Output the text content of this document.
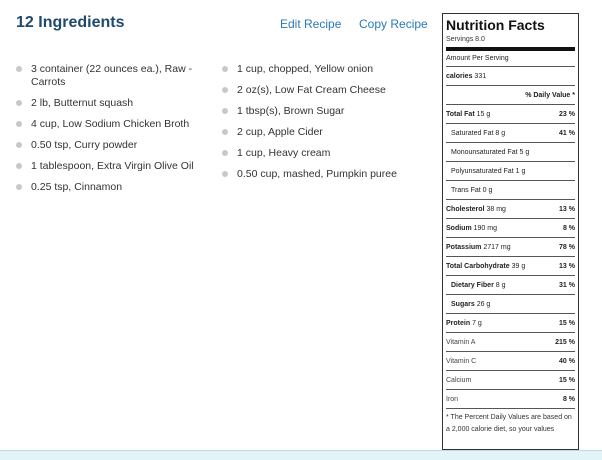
12 Ingredients	Edit Recipe Copy Recipe
3 container (22 ounces ea.), Raw - Carrots
2 lb, Butternut squash
4 cup, Low Sodium Chicken Broth
0.50 tsp, Curry powder
1 tablespoon, Extra Virgin Olive Oil
0.25 tsp, Cinnamon
1 cup, chopped, Yellow onion
2 oz(s), Low Fat Cream Cheese
1 tbsp(s), Brown Sugar
2 cup, Apple Cider
1 cup, Heavy cream
0.50 cup, mashed, Pumpkin puree
Nutrition Facts
Servings 8.0
Amount Per Serving
calories 331
% Daily Value *
Total Fat 15 g	23 %
Saturated Fat 8 g	41 %
Monounsaturated Fat 5 g
Polyunsaturated Fat 1 g
Trans Fat 0 g
Cholesterol 38 mg	13 %
Sodium 190 mg	8 %
Potassium 2717 mg	78 %
Total Carbohydrate 39 g	13 %
Dietary Fiber 8 g	31 %
Sugars 26 g
Protein 7 g	15 %
Vitamin A	215 %
Vitamin C	40 %
Calcium	15 %
Iron	8 %
* The Percent Daily Values are based on a 2,000 calorie diet, so your values
